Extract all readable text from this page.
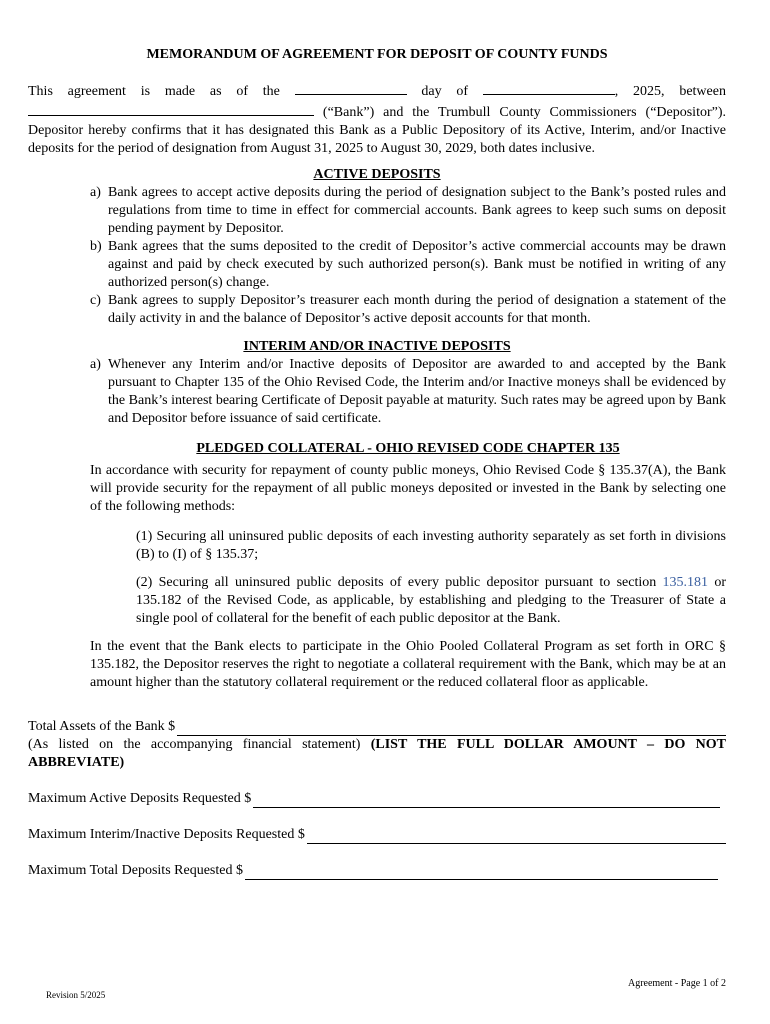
MEMORANDUM OF AGREEMENT FOR DEPOSIT OF COUNTY FUNDS

This agreement is made as of the	day of	, 2025, between  (“Bank”) and the Trumbull County Commissioners (“Depositor”). Depositor hereby confirms that it has designated this Bank as a Public Depository of its Active, Interim, and/or Inactive deposits for the period of designation from August 31, 2025 to August 30, 2029, both dates inclusive.

ACTIVE DEPOSITS
a) Bank agrees to accept active deposits during the period of designation subject to the Bank’s posted rules and regulations from time to time in effect for commercial accounts. Bank agrees to keep such sums on deposit pending payment by Depositor.
b) Bank agrees that the sums deposited to the credit of Depositor’s active commercial accounts may be drawn against and paid by check executed by such authorized person(s). Bank must be notified in writing of any authorized person(s) change.
c) Bank agrees to supply Depositor’s treasurer each month during the period of designation a statement of the daily activity in and the balance of Depositor’s active deposit accounts for that month.
INTERIM AND/OR INACTIVE DEPOSITS
a) Whenever any Interim and/or Inactive deposits of Depositor are awarded to and accepted by the Bank pursuant to Chapter 135 of the Ohio Revised Code, the Interim and/or Inactive moneys shall be evidenced by the Bank’s interest bearing Certificate of Deposit payable at maturity. Such rates may be agreed upon by Bank and Depositor before issuance of said certificate.
PLEDGED COLLATERAL - OHIO REVISED CODE CHAPTER 135

In accordance with security for repayment of county public moneys, Ohio Revised Code § 135.37(A), the Bank will provide security for the repayment of all public moneys deposited or invested in the Bank by selecting one of the following methods:

(1) Securing all uninsured public deposits of each investing authority separately as set forth in divisions (B) to (I) of § 135.37;

(2) Securing all uninsured public deposits of every public depositor pursuant to section 135.181 or 135.182 of the Revised Code, as applicable, by establishing and pledging to the Treasurer of State a single pool of collateral for the benefit of each public depositor at the Bank.

In the event that the Bank elects to participate in the Ohio Pooled Collateral Program as set forth in ORC § 135.182, the Depositor reserves the right to negotiate a collateral requirement with the Bank, which may be at an amount higher than the statutory collateral requirement or the reduced collateral floor as applicable.

Total Assets of the Bank $

(As listed on the accompanying financial statement) (LIST THE FULL DOLLAR AMOUNT – DO NOT ABBREVIATE)

Maximum Active Deposits Requested $
Maximum Interim/Inactive Deposits Requested $
Maximum Total Deposits Requested $
Agreement - Page 1 of 2
Revision 5/2025
